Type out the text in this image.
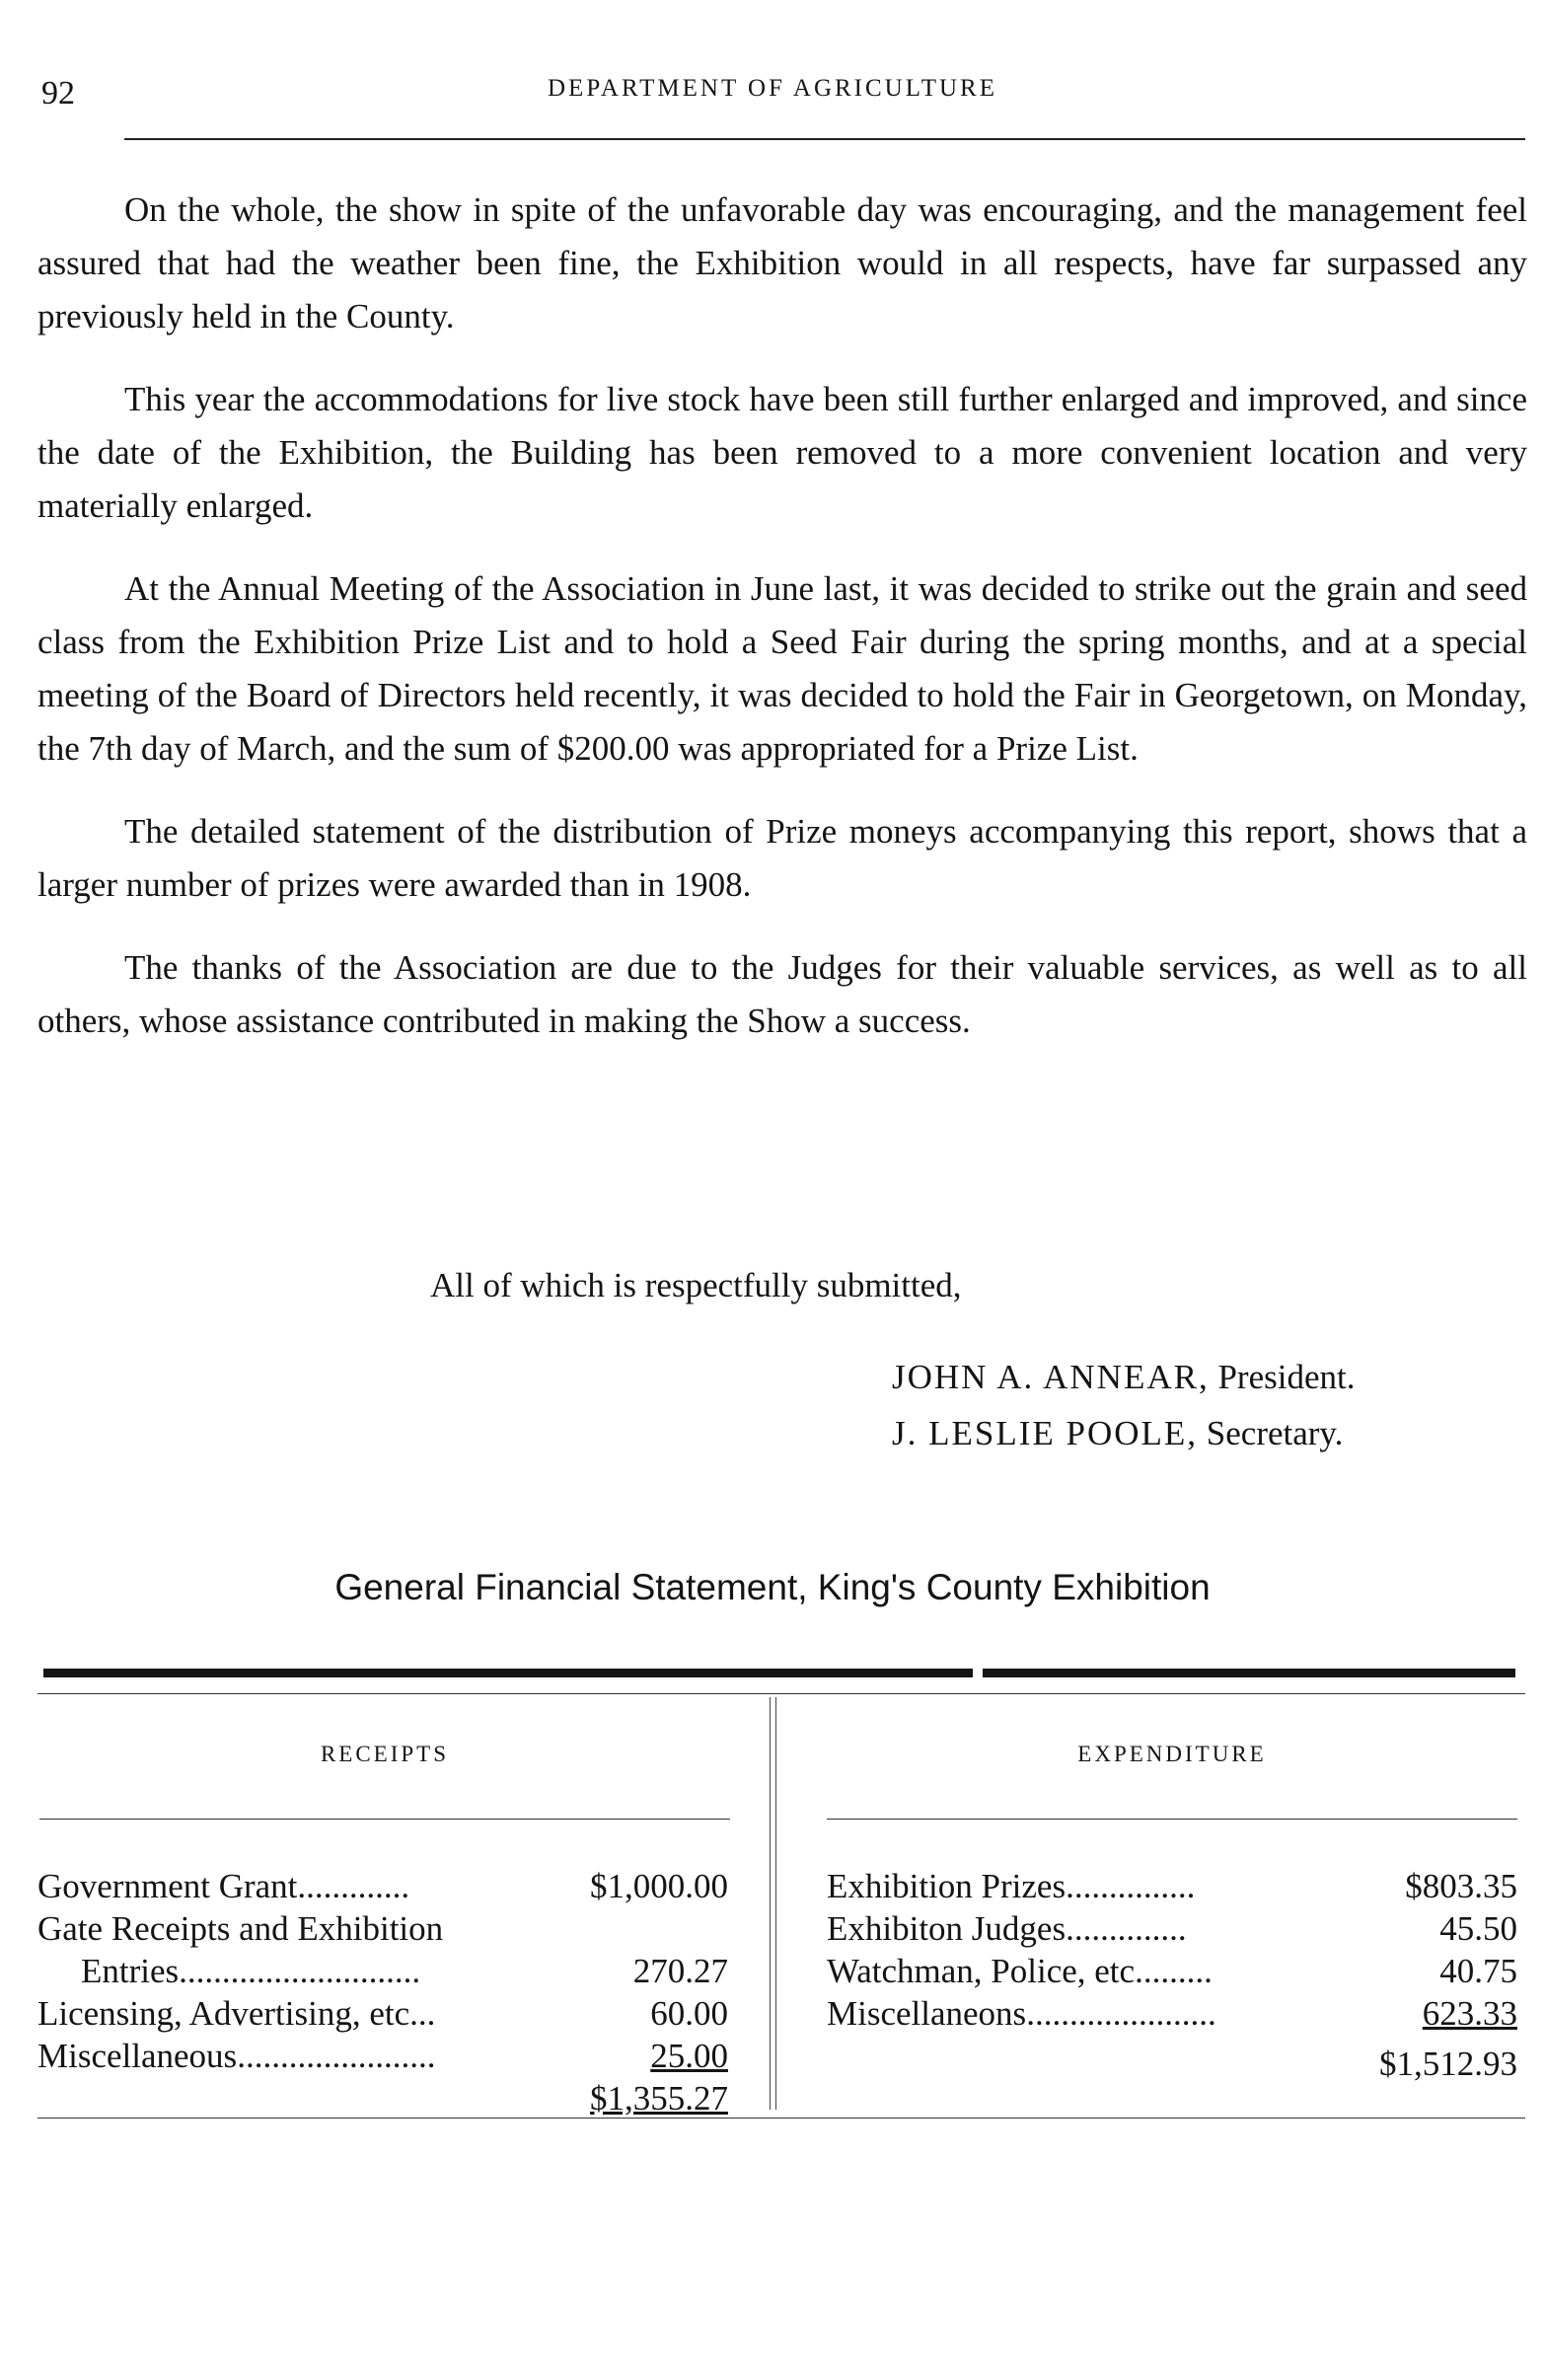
92	DEPARTMENT OF AGRICULTURE

On the whole, the show in spite of the unfavorable day was encouraging, and the management feel assured that had the weather been fine, the Exhibition would in all respects, have far surpassed any previously held in the County.

This year the accommodations for live stock have been still further enlarged and improved, and since the date of the Exhibition, the Building has been removed to a more convenient location and very materially enlarged.

At the Annual Meeting of the Association in June last, it was decided to strike out the grain and seed class from the Exhibition Prize List and to hold a Seed Fair during the spring months, and at a special meeting of the Board of Directors held recently, it was decided to hold the Fair in Georgetown, on Monday, the 7th day of March, and the sum of $200.00 was appropriated for a Prize List.

The detailed statement of the distribution of Prize moneys accompanying this report, shows that a larger number of prizes were awarded than in 1908.

The thanks of the Association are due to the Judges for their valuable services, as well as to all others, whose assistance contributed in making the Show a success.

All of which is respectfully submitted,
JOHN A. ANNEAR, President.
J. LESLIE POOLE, Secretary.
General Financial Statement, King's County Exhibition
RECEIPTS	EXPENDITURE
Government Grant.............	$1,000.00
Gate Receipts and Exhibition
Entries............................	270.27
Licensing, Advertising, etc...	60.00
Miscellaneous.......................	25.00
$1,355.27
Exhibition Prizes...............	$803.35
Exhibiton Judges..............	45.50
Watchman, Police, etc.........	40.75
Miscellaneons......................	623.33
$1,512.93
